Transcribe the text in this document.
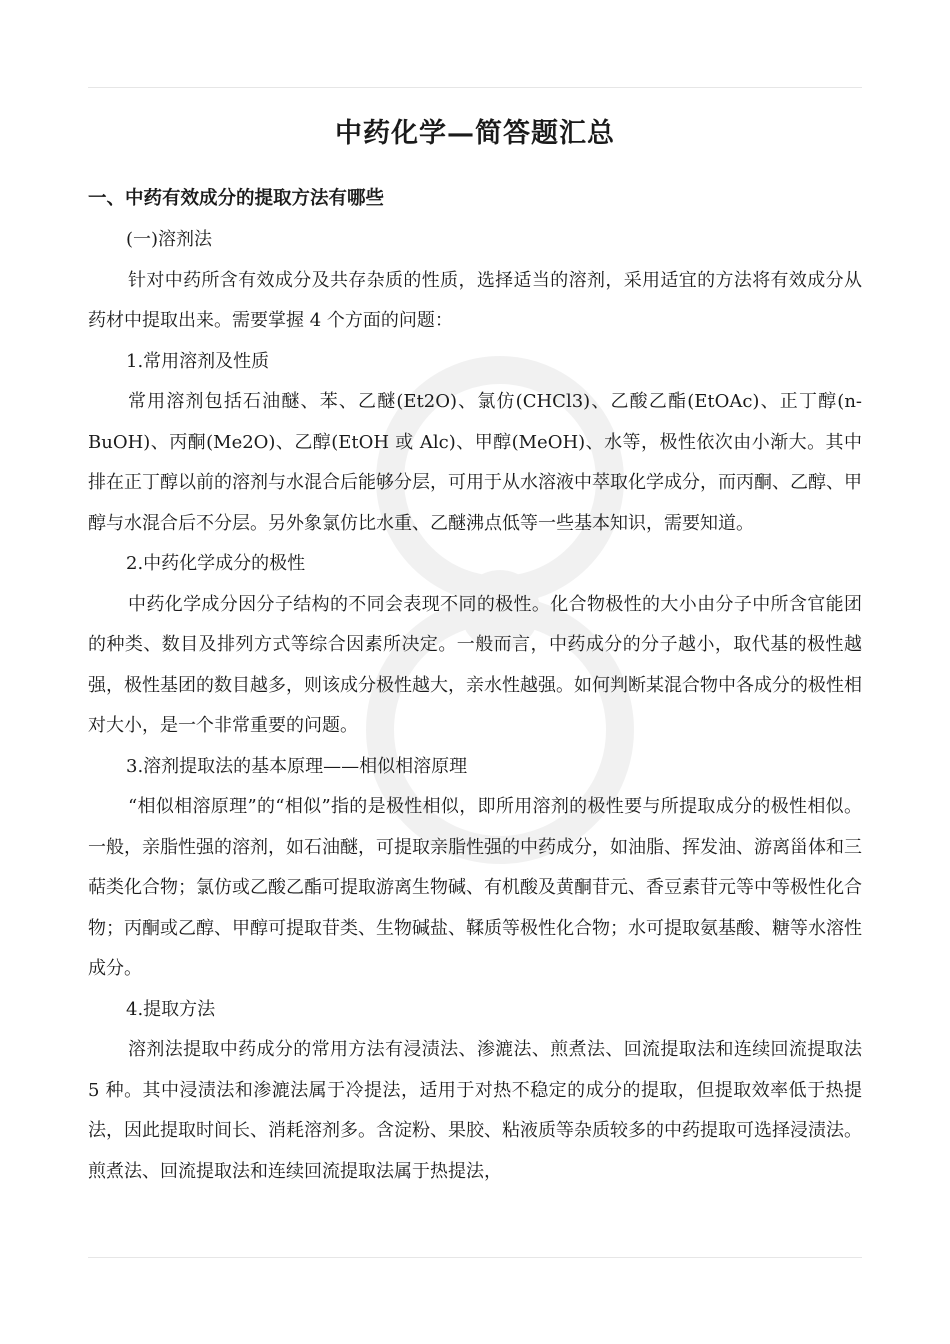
中药化学—简答题汇总
一、中药有效成分的提取方法有哪些

(一)溶剂法

针对中药所含有效成分及共存杂质的性质，选择适当的溶剂，采用适宜的方法将有效成分从药材中提取出来。需要掌握 4 个方面的问题：

1.常用溶剂及性质

常用溶剂包括石油醚、苯、乙醚(Et2O)、氯仿(CHCl3)、乙酸乙酯(EtOAc)、正丁醇(n-BuOH)、丙酮(Me2O)、乙醇(EtOH 或 Alc)、甲醇(MeOH)、水等，极性依次由小渐大。其中排在正丁醇以前的溶剂与水混合后能够分层，可用于从水溶液中萃取化学成分，而丙酮、乙醇、甲醇与水混合后不分层。另外象氯仿比水重、乙醚沸点低等一些基本知识，需要知道。

2.中药化学成分的极性

中药化学成分因分子结构的不同会表现不同的极性。化合物极性的大小由分子中所含官能团的种类、数目及排列方式等综合因素所决定。一般而言，中药成分的分子越小，取代基的极性越强，极性基团的数目越多，则该成分极性越大，亲水性越强。如何判断某混合物中各成分的极性相对大小，是一个非常重要的问题。

3.溶剂提取法的基本原理——相似相溶原理

“相似相溶原理”的“相似”指的是极性相似，即所用溶剂的极性要与所提取成分的极性相似。一般，亲脂性强的溶剂，如石油醚，可提取亲脂性强的中药成分，如油脂、挥发油、游离甾体和三萜类化合物；氯仿或乙酸乙酯可提取游离生物碱、有机酸及黄酮苷元、香豆素苷元等中等极性化合物；丙酮或乙醇、甲醇可提取苷类、生物碱盐、鞣质等极性化合物；水可提取氨基酸、糖等水溶性成分。

4.提取方法

溶剂法提取中药成分的常用方法有浸渍法、渗漉法、煎煮法、回流提取法和连续回流提取法 5 种。其中浸渍法和渗漉法属于冷提法，适用于对热不稳定的成分的提取，但提取效率低于热提法，因此提取时间长、消耗溶剂多。含淀粉、果胶、粘液质等杂质较多的中药提取可选择浸渍法。煎煮法、回流提取法和连续回流提取法属于热提法，
